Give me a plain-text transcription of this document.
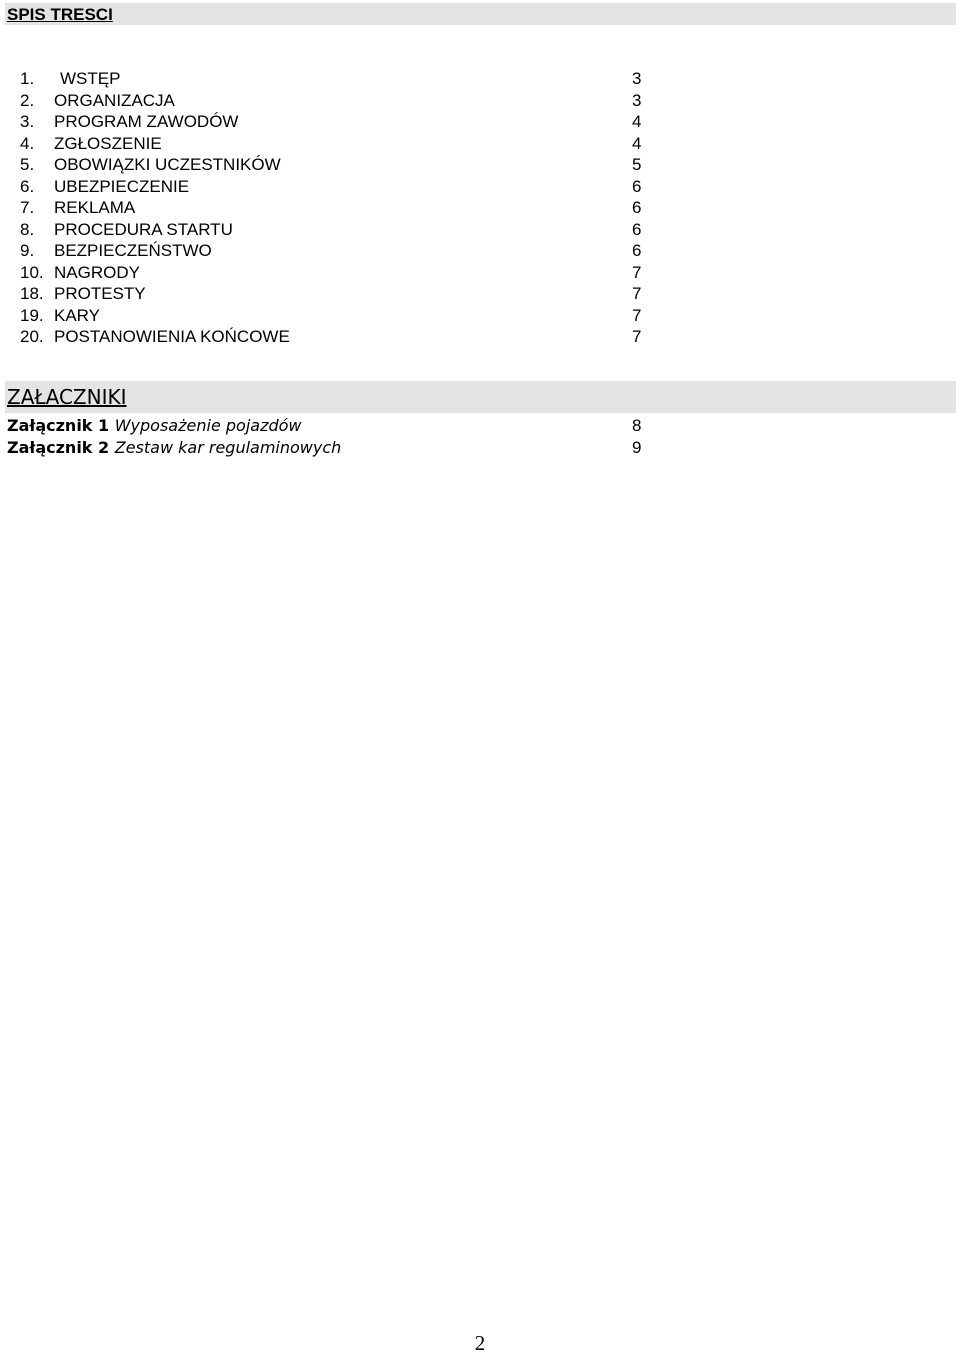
SPIS TRESCI
1. WSTĘP	3
2. ORGANIZACJA	3
3. PROGRAM ZAWODÓW	4
4. ZGŁOSZENIE	4
5. OBOWIĄZKI UCZESTNIKÓW	5
6. UBEZPIECZENIE	6
7. REKLAMA	6
8. PROCEDURA STARTU	6
9. BEZPIECZEŃSTWO	6
10. NAGRODY	7
18. PROTESTY	7
19. KARY	7
20. POSTANOWIENIA KOŃCOWE	7
ZAŁACZNIKI
Załącznik 1 Wyposażenie pojazdów	8
Załącznik 2 Zestaw kar regulaminowych	9
2
